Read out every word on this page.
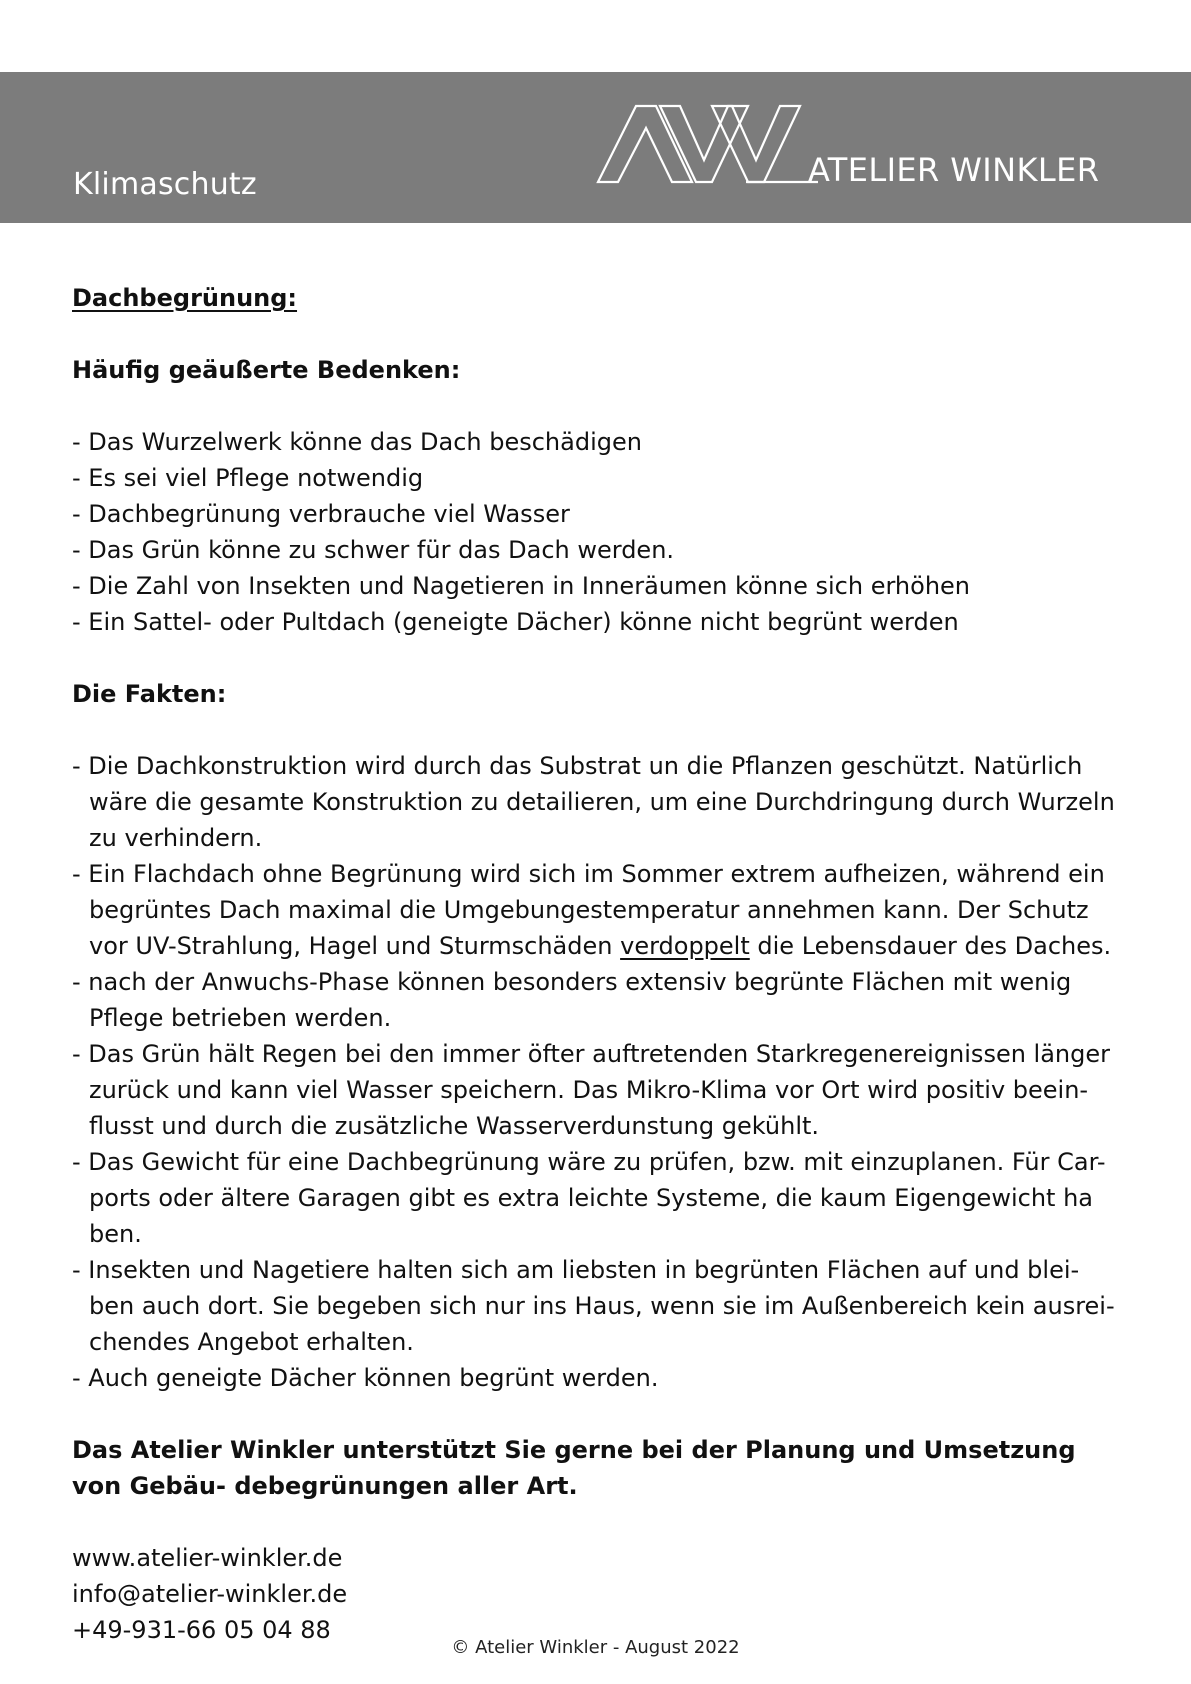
Klimaschutz	ATELIER WINKLER

Dachbegrünung:

Häufig geäußerte Bedenken:

- Das Wurzelwerk könne das Dach beschädigen
- Es sei viel Pflege notwendig
- Dachbegrünung verbrauche viel Wasser
- Das Grün könne zu schwer für das Dach werden.
- Die Zahl von Insekten und Nagetieren in Inneräumen könne sich erhöhen
- Ein Sattel- oder Pultdach (geneigte Dächer) könne nicht begrünt werden

Die Fakten:

- Die Dachkonstruktion wird durch das Substrat un die Pflanzen geschützt. Natürlich wäre die gesamte Konstruktion zu detailieren, um eine Durchdringung durch Wurzeln zu verhindern.
- Ein Flachdach ohne Begrünung wird sich im Sommer extrem aufheizen, während ein begrüntes Dach maximal die Umgebungestemperatur annehmen kann. Der Schutz vor UV-Strahlung, Hagel und Sturmschäden verdoppelt die Lebensdauer des Daches.
- nach der Anwuchs-Phase können besonders extensiv begrünte Flächen mit wenig Pflege betrieben werden.
- Das Grün hält Regen bei den immer öfter auftretenden Starkregenereignissen länger zurück und kann viel Wasser speichern. Das Mikro-Klima vor Ort wird positiv beein- flusst und durch die zusätzliche Wasserverdunstung gekühlt.
- Das Gewicht für eine Dachbegrünung wäre zu prüfen, bzw. mit einzuplanen. Für Car- ports oder ältere Garagen gibt es extra leichte Systeme, die kaum Eigengewicht ha ben.
- Insekten und Nagetiere halten sich am liebsten in begrünten Flächen auf und blei- ben auch dort. Sie begeben sich nur ins Haus, wenn sie im Außenbereich kein ausrei- chendes Angebot erhalten.
- Auch geneigte Dächer können begrünt werden.

Das Atelier Winkler unterstützt Sie gerne bei der Planung und Umsetzung von Gebäu- debegrünungen aller Art.

www.atelier-winkler.de

info@atelier-winkler.de

+49-931-66 05 04 88

© Atelier Winkler - August 2022
